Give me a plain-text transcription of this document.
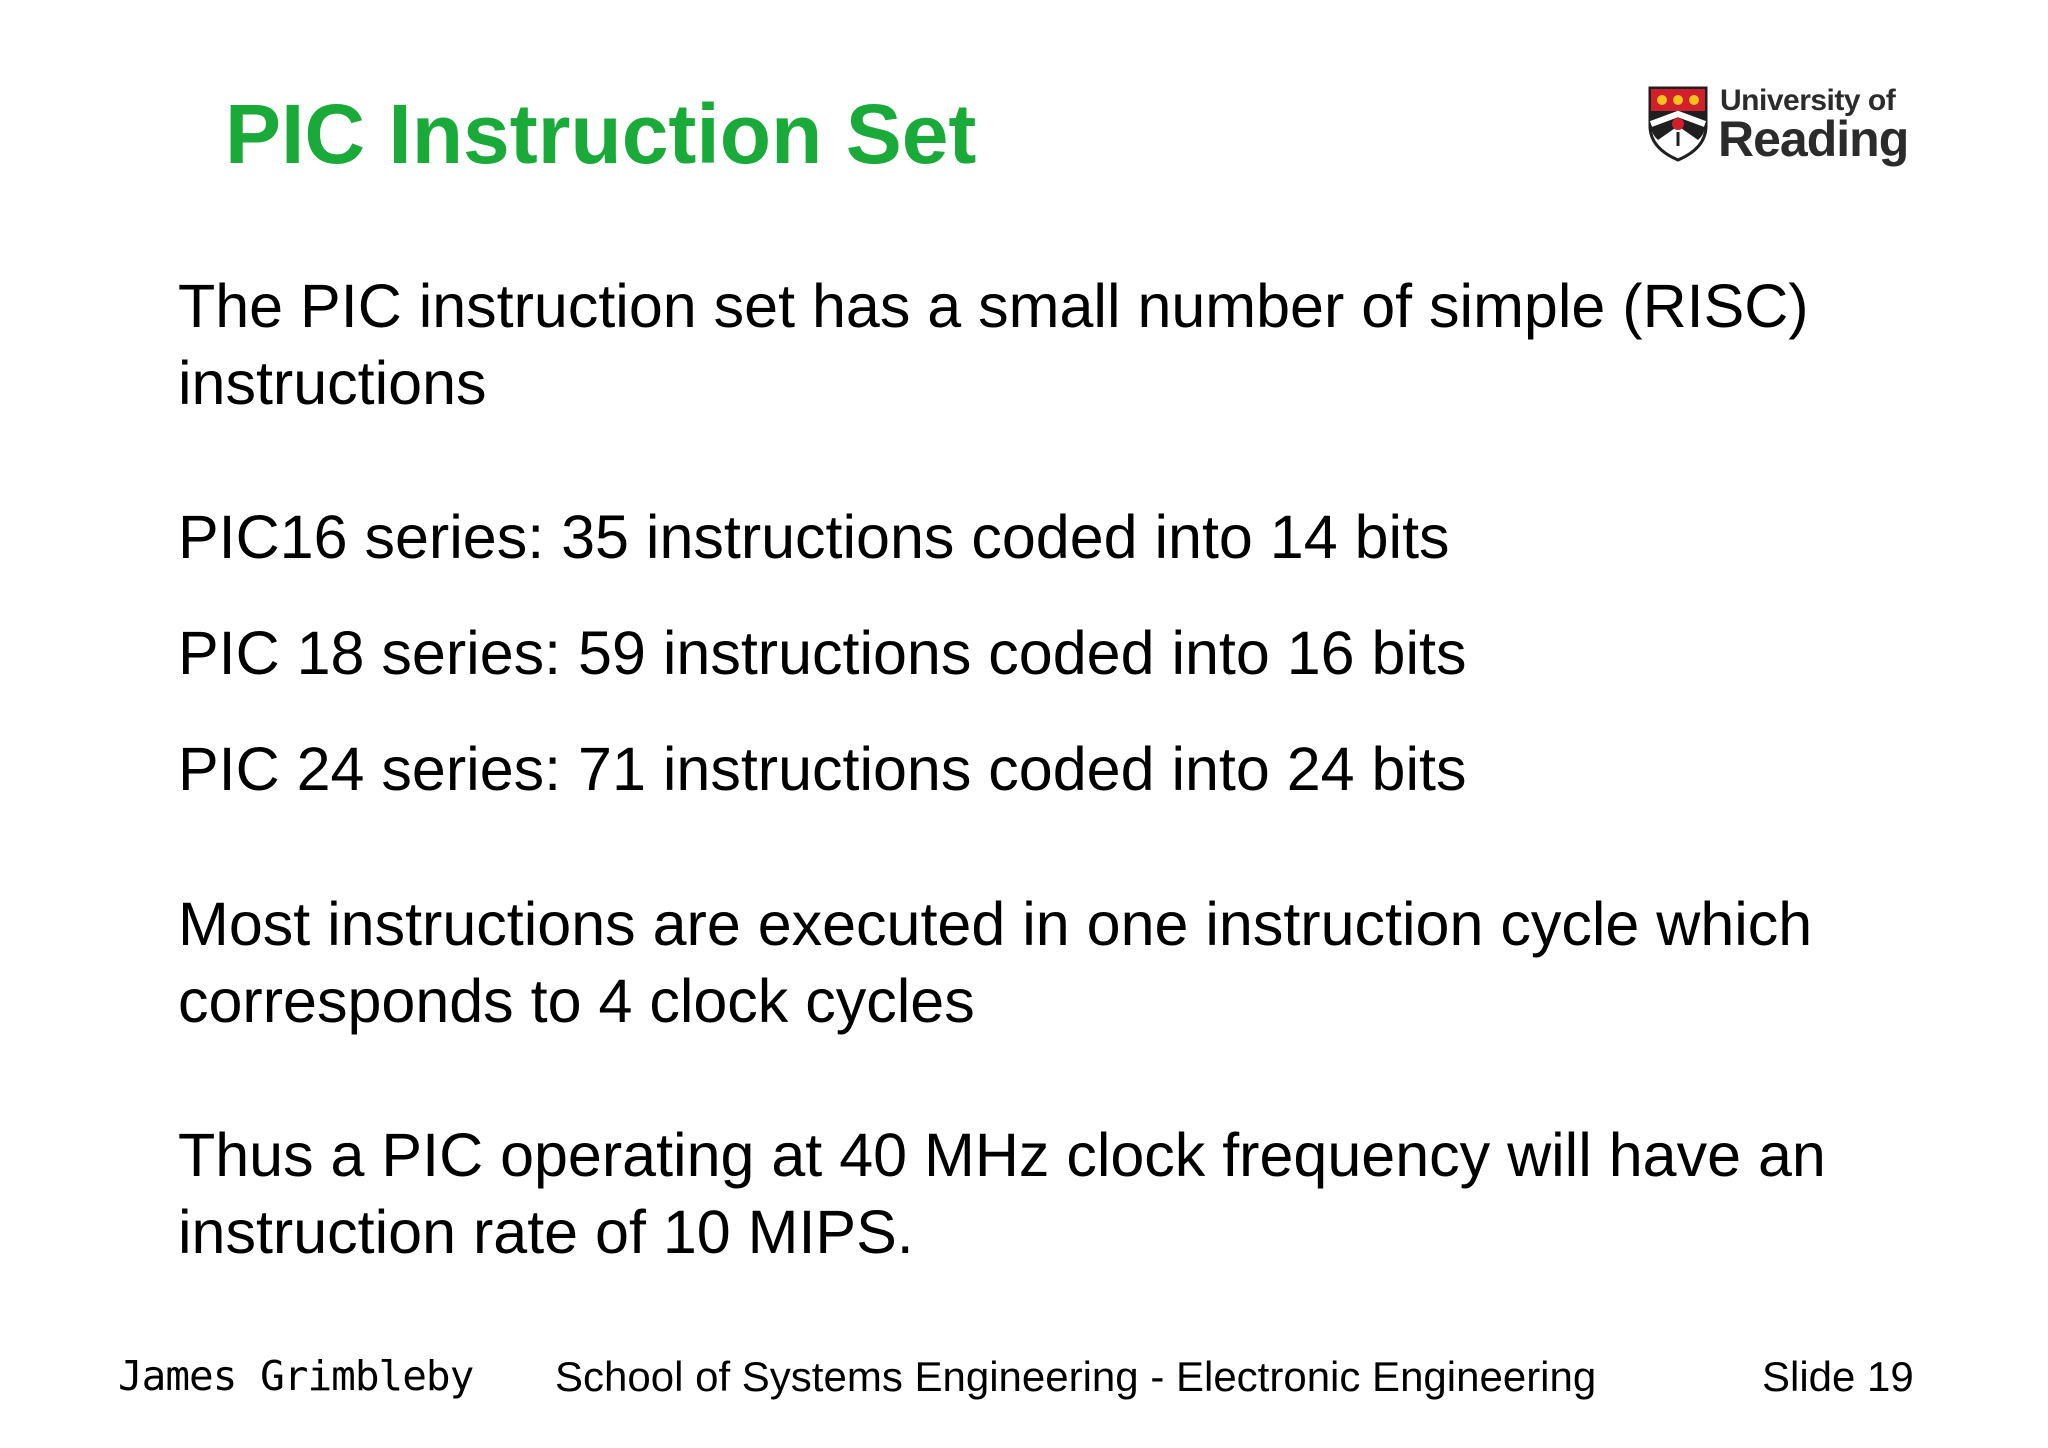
PIC Instruction Set	University of
Reading

The PIC instruction set has a small number of simple (RISC) instructions

PIC16 series: 35 instructions coded into 14 bits

PIC 18 series: 59 instructions coded into 16 bits

PIC 24 series: 71 instructions coded into 24 bits

Most instructions are executed in one instruction cycle which corresponds to 4 clock cycles

Thus a PIC operating at 40 MHz clock frequency will have an instruction rate of 10 MIPS.

James Grimbleby School of Systems Engineering - Electronic Engineering	Slide 19
